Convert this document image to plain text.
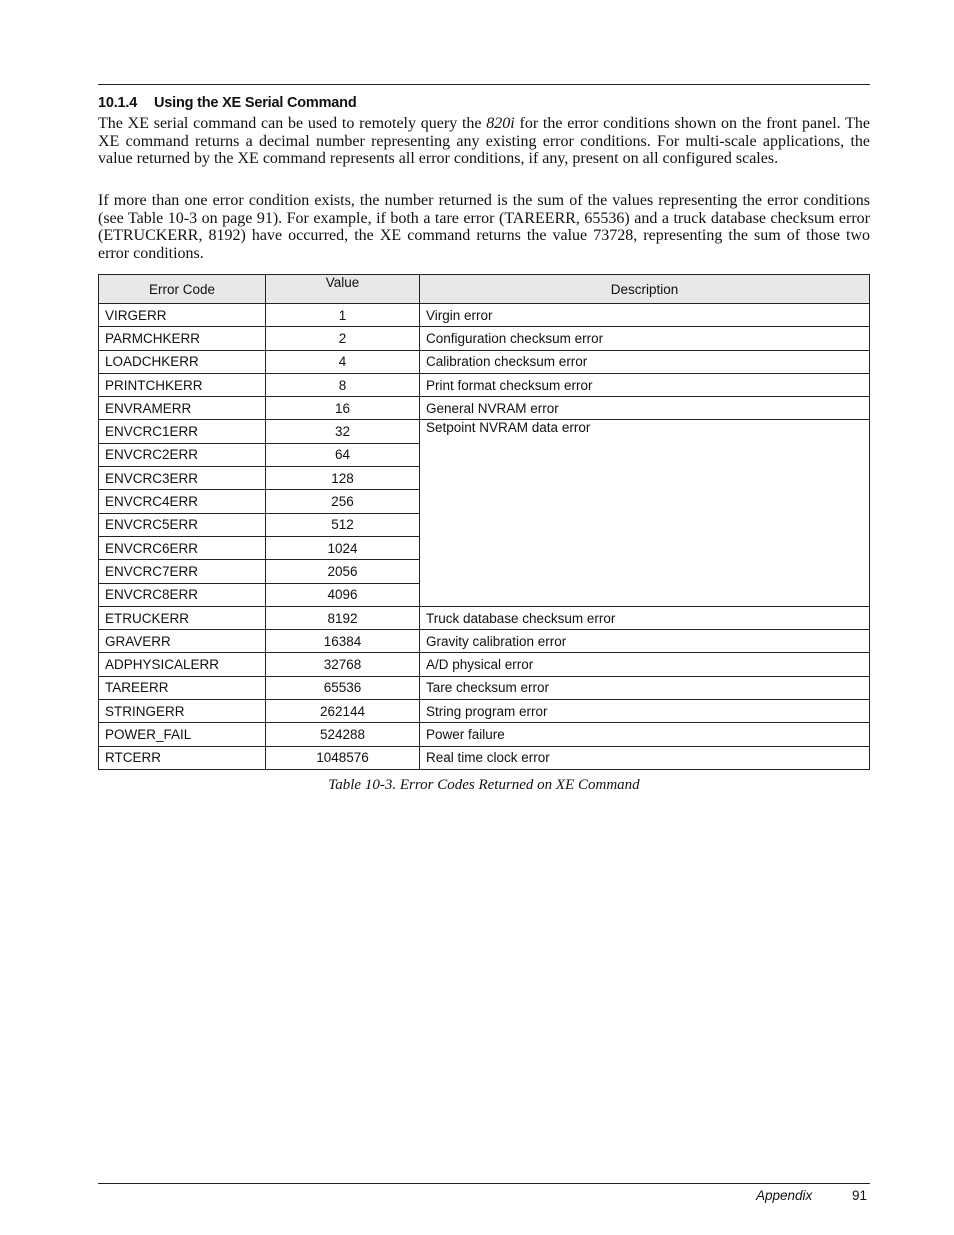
10.1.4 Using the XE Serial Command
The XE serial command can be used to remotely query the 820i for the error conditions shown on the front panel. The XE command returns a decimal number representing any existing error conditions. For multi-scale applications, the value returned by the XE command represents all error conditions, if any, present on all configured scales.
If more than one error condition exists, the number returned is the sum of the values representing the error conditions (see Table 10-3 on page 91). For example, if both a tare error (TAREERR, 65536) and a truck database checksum error (ETRUCKERR, 8192) have occurred, the XE command returns the value 73728, representing the sum of those two error conditions.
Error Code	Value	Description
VIRGERR	1	Virgin error
PARMCHKERR	2	Configuration checksum error
LOADCHKERR	4	Calibration checksum error
PRINTCHKERR	8	Print format checksum error
ENVRAMERR	16	General NVRAM error
ENVCRC1ERR	32	Setpoint NVRAM data error
ENVCRC2ERR	64	
ENVCRC3ERR	128	
ENVCRC4ERR	256	
ENVCRC5ERR	512	
ENVCRC6ERR	1024	
ENVCRC7ERR	2056	
ENVCRC8ERR	4096	
ETRUCKERR	8192	Truck database checksum error
GRAVERR	16384	Gravity calibration error
ADPHYSICALERR	32768	A/D physical error
TAREERR	65536	Tare checksum error
STRINGERR	262144	String program error
POWER_FAIL	524288	Power failure
RTCERR	1048576	Real time clock error
Table 10-3. Error Codes Returned on XE Command
Appendix	91
